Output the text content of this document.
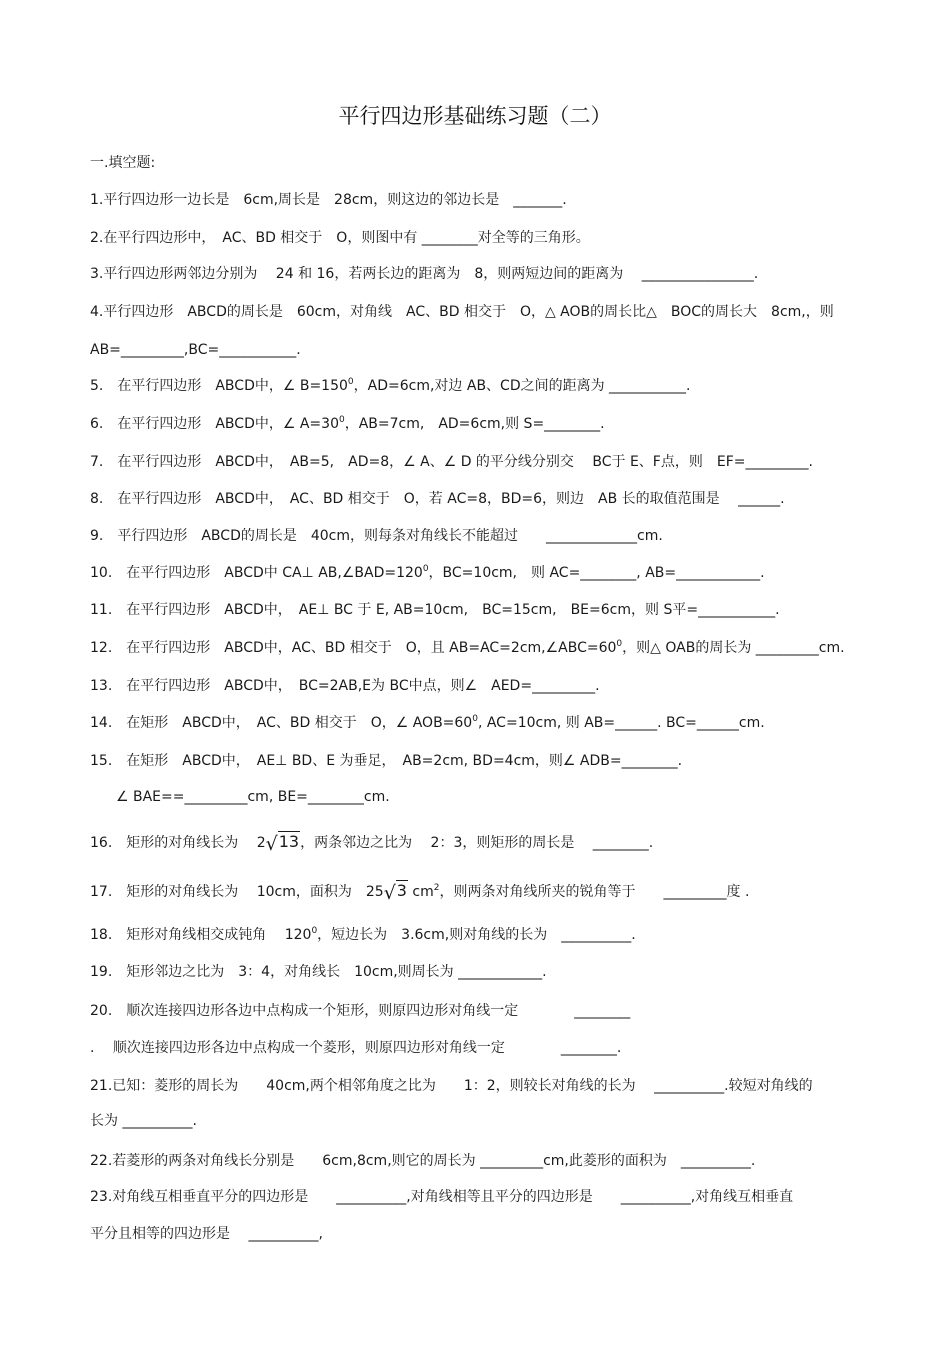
平行四边形基础练习题（二）
一.填空题:
1.平行四边形一边长是　6cm,周长是　28cm，则这边的邻边长是　_______.
2.在平行四边形中，　AC、BD 相交于　O，则图中有 ________对全等的三角形。
3.平行四边形两邻边分别为　 24 和 16，若两长边的距离为　8，则两短边间的距离为　 ________________.
4.平行四边形　ABCD的周长是　60cm，对角线　AC、BD 相交于　O，△ AOB的周长比△　BOC的周长大　8cm,，则
AB=_________,BC=___________.
5.　在平行四边形　ABCD中，∠ $B=150^0$，AD=6cm,对边 AB、CD之间的距离为 ___________.
6.　在平行四边形　ABCD中，∠ $A=30^0$，AB=7cm,　AD=6cm,则 S=________.
7.　在平行四边形　ABCD中，　AB=5,　AD=8，∠ A、∠ D 的平分线分别交　 BC于 E、F点，则　EF=_________.
8.　在平行四边形　ABCD中，　AC、BD 相交于　O，若 AC=8，BD=6，则边　AB 长的取值范围是　 ______.
9.　平行四边形　ABCD的周长是　40cm，则每条对角线长不能超过　　_____________cm.
10.　在平行四边形　ABCD中 CA⊥ $AB,\angle BAD=120^0$，BC=10cm,　则 AC=________, AB=____________.
11.　在平行四边形　ABCD中，　AE⊥ BC 于 E, AB=10cm,　BC=15cm,　BE=6cm，则 S平=___________.
12.　在平行四边形　ABCD中，AC、BD 相交于　O，且 $AB=AC=2cm,\angle ABC=60^0$，则△ OAB的周长为 _________cm.
13.　在平行四边形　ABCD中，　BC=2AB,E为 BC中点，则∠　AED=_________.
14.　在矩形　ABCD中，　AC、BD 相交于　O，∠ $AOB=60^0$, AC=10cm, 则 AB=______. BC=______cm.
15.　在矩形　ABCD中，　AE⊥ BD、E 为垂足，　AB=2cm, BD=4cm，则∠ ADB=________.
∠ BAE==_________cm, BE=________cm.
16.　矩形的对角线长为　 2√13，两条邻边之比为　 2：3，则矩形的周长是　 ________.
17.　矩形的对角线长为　 10cm，面积为　25√3 $cm^2$，则两条对角线所夹的锐角等于　　_________度 .
18.　矩形对角线相交成钝角　 $120^0$，短边长为　3.6cm,则对角线的长为　__________.
19.　矩形邻边之比为　3：4，对角线长　10cm,则周长为 ____________.
20.　顺次连接四边形各边中点构成一个矩形，则原四边形对角线一定　　　　________
.　 顺次连接四边形各边中点构成一个菱形，则原四边形对角线一定　　　　________.
21.已知：菱形的周长为　　40cm,两个相邻角度之比为　　1：2，则较长对角线的长为　 __________.较短对角线的
长为 __________.
22.若菱形的两条对角线长分别是　　6cm,8cm,则它的周长为 _________cm,此菱形的面积为　__________.
23.对角线互相垂直平分的四边形是　　__________,对角线相等且平分的四边形是　　__________,对角线互相垂直
平分且相等的四边形是　 __________,
